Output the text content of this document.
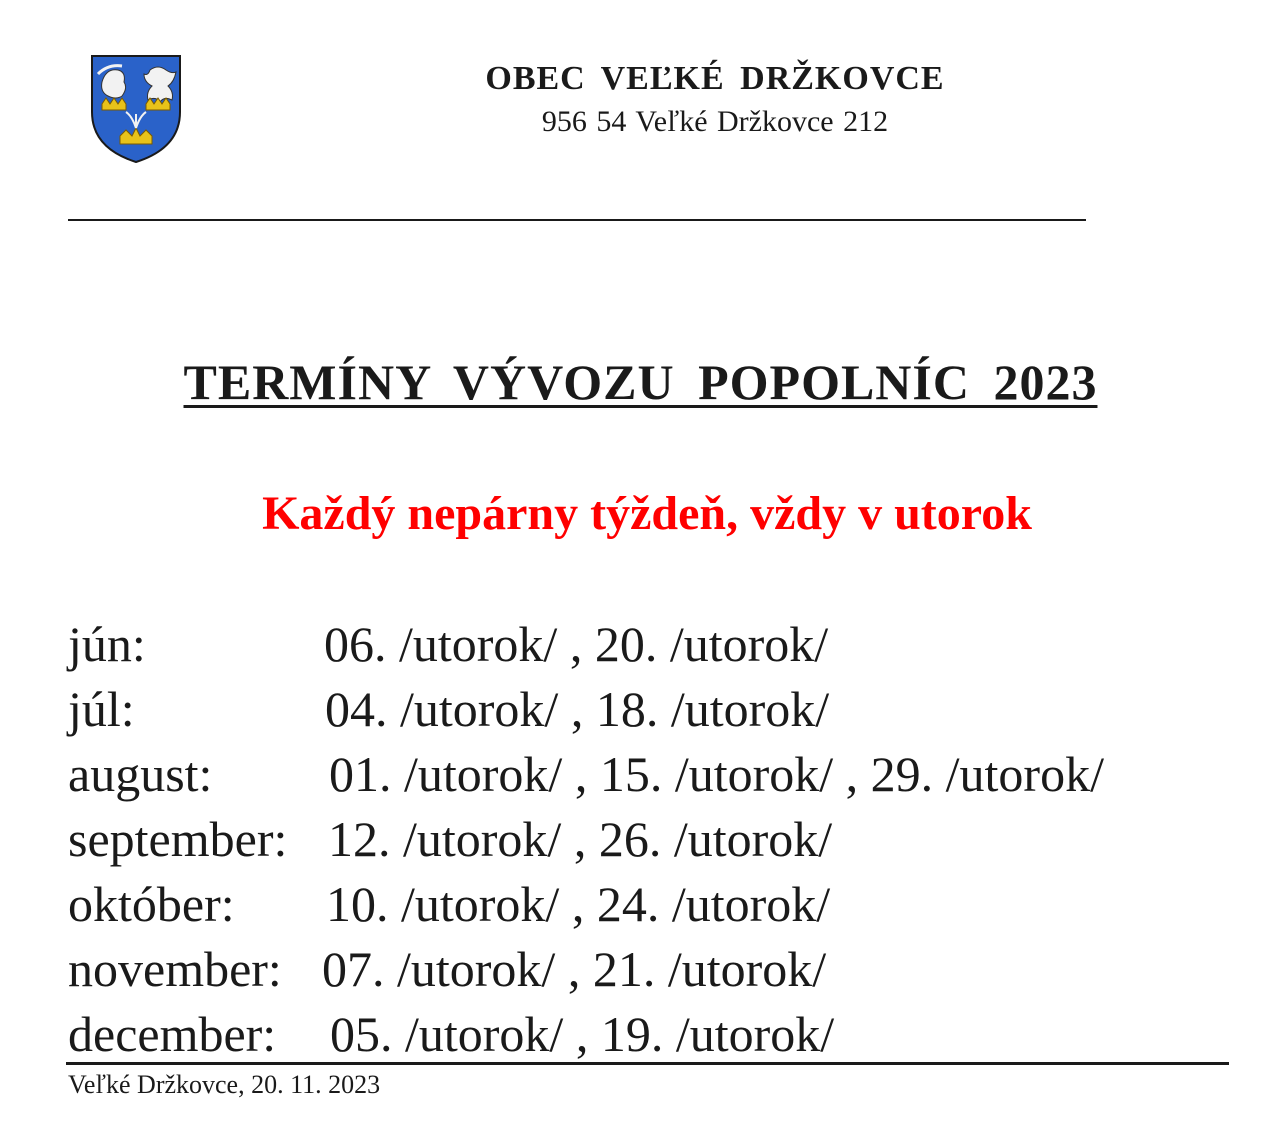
OBEC VEĽKÉ DRŽKOVCE
956 54 Veľké Držkovce 212
TERMÍNY VÝVOZU POPOLNÍC 2023
Každý nepárny týždeň, vždy v utorok
jún:	06. /utorok/ , 20. /utorok/
júl:	04. /utorok/ , 18. /utorok/
august: 01. /utorok/ , 15. /utorok/ , 29. /utorok/
september: 12. /utorok/ , 26. /utorok/
október: 10. /utorok/ , 24. /utorok/
november: 07. /utorok/ , 21. /utorok/
december: 05. /utorok/ , 19. /utorok/
Veľké Držkovce, 20. 11. 2023
